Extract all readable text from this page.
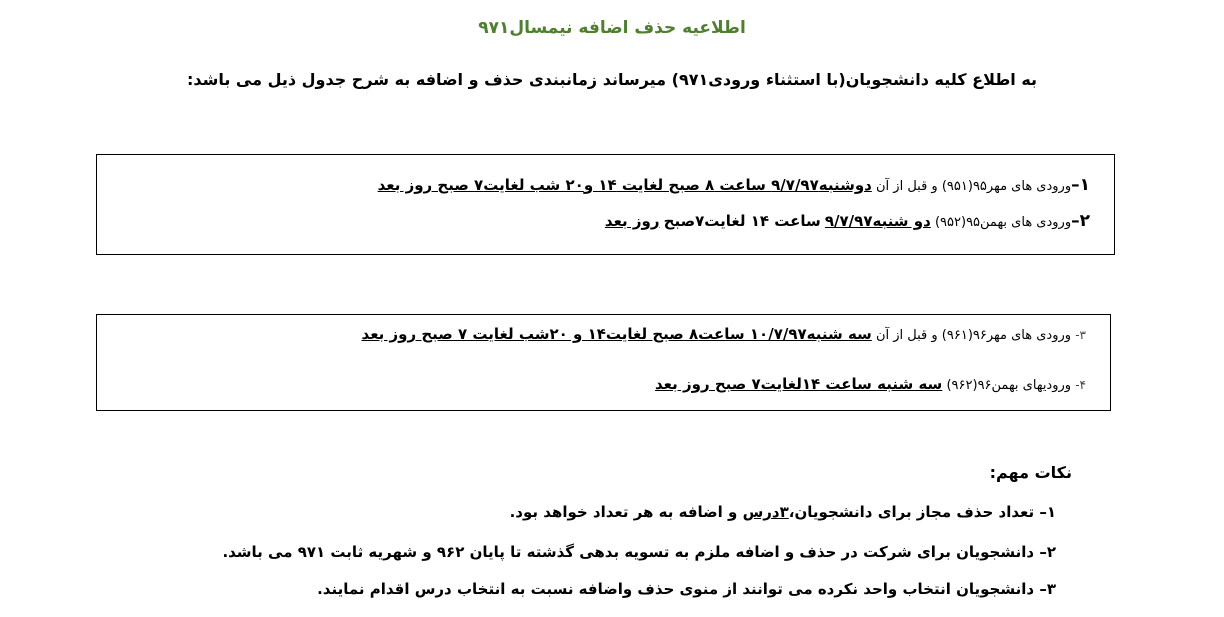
اطلاعیه حذف اضافه نیمسال۹۷۱
به اطلاع کلیه دانشجویان(با استثناء ورودی۹۷۱) میرساند زمانبندی حذف و اضافه به شرح جدول ذیل می باشد:
۱–ورودی های مهر۹۵(۹۵۱) و قبل از آن دوشنبه۹/۷/۹۷ ساعت ۸ صبح لغایت ۱۴ و۲۰ شب لغایت۷ صبح روز بعد
۲–ورودی های بهمن۹۵(۹۵۲) دو شنبه۹/۷/۹۷ ساعت ۱۴ لغایت۷صبح روز بعد
۳- ورودی های مهر۹۶(۹۶۱) و قبل از آن سه شنبه۱۰/۷/۹۷ ساعت۸ صبح لغایت۱۴ و ۲۰شب لغایت ۷ صبح روز بعد
۴- ورودیهای بهمن۹۶(۹۶۲) سه شنبه ساعت ۱۴لغایت۷ صبح روز بعد
نکات مهم:
۱– تعداد حذف مجاز برای دانشجویان،۳درس و اضافه به هر تعداد خواهد بود.
۲– دانشجویان برای شرکت در حذف و اضافه ملزم به تسویه بدهی گذشته تا پایان ۹۶۲ و شهریه ثابت ۹۷۱ می باشد.
۳– دانشجویان انتخاب واحد نکرده می توانند از منوی حذف واضافه نسبت به انتخاب درس اقدام نمایند.
